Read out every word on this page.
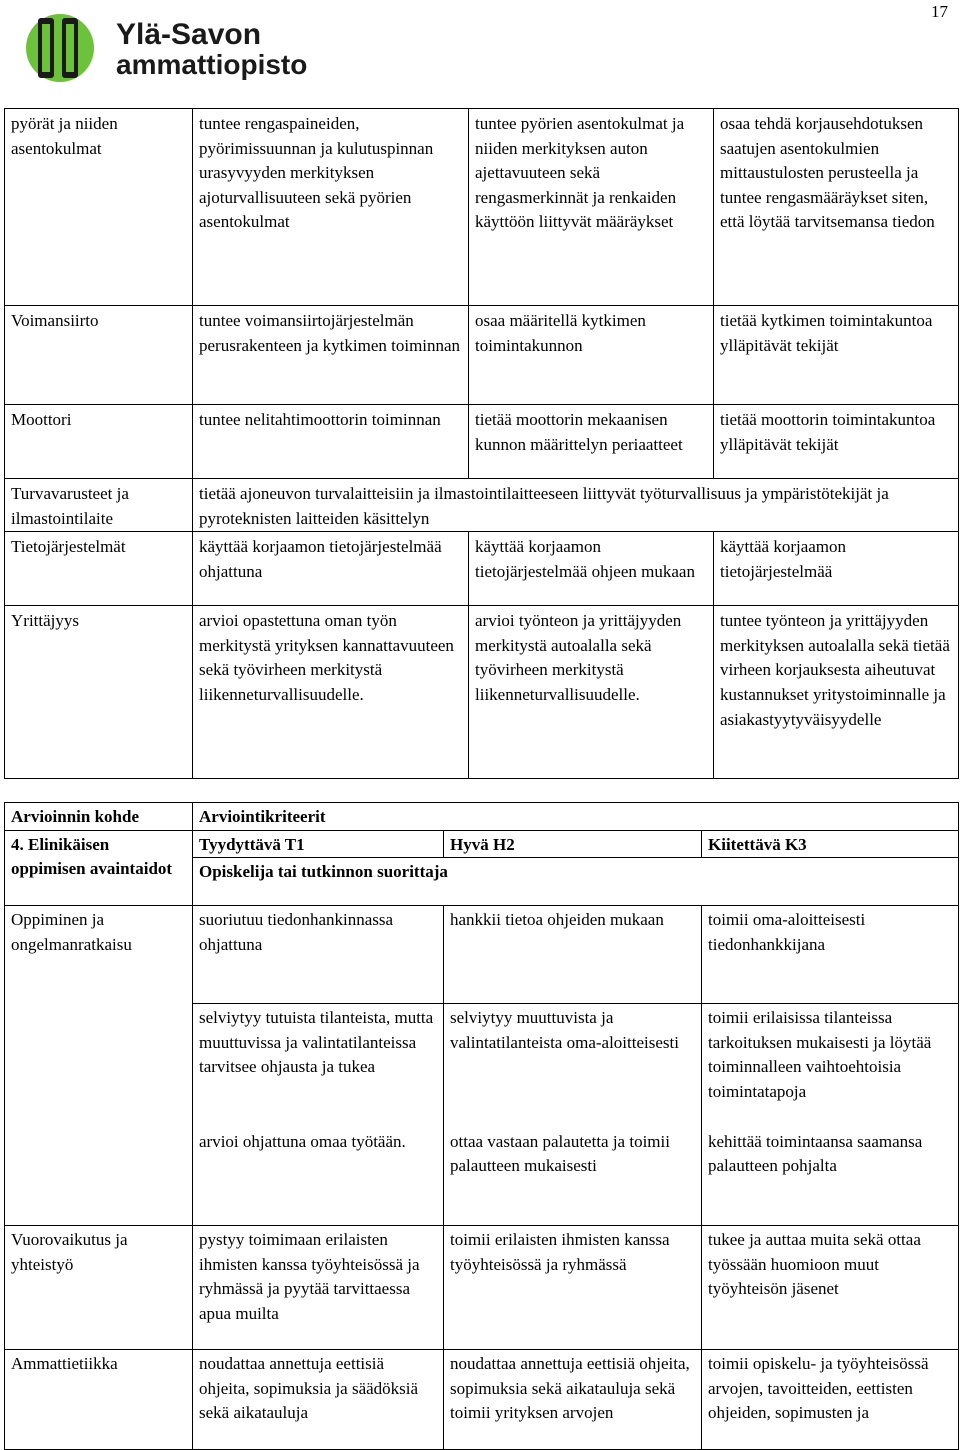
Ylä-Savon
ammattiopisto
17
pyörät ja niiden asentokulmat	tuntee rengaspaineiden, pyörimissuunnan ja kulutuspinnan urasyvyyden merkityksen ajoturvallisuuteen sekä pyörien asentokulmat	tuntee pyörien asentokulmat ja niiden merkityksen auton ajettavuuteen sekä rengasmerkinnät ja renkaiden käyttöön liittyvät määräykset	osaa tehdä korjausehdotuksen saatujen asentokulmien mittaustulosten perusteella ja tuntee rengasmääräykset siten, että löytää tarvitsemansa tiedon
Voimansiirto	tuntee voimansiirtojärjestelmän perusrakenteen ja kytkimen toiminnan	osaa määritellä kytkimen toimintakunnon	tietää kytkimen toimintakuntoa ylläpitävät tekijät
Moottori	tuntee nelitahtimoottorin toiminnan	tietää moottorin mekaanisen kunnon määrittelyn periaatteet	tietää moottorin toimintakuntoa ylläpitävät tekijät
Turvavarusteet ja ilmastointilaite	tietää ajoneuvon turvalaitteisiin ja ilmastointilaitteeseen liittyvät työturvallisuus ja ympäristötekijät ja pyroteknisten laitteiden käsittelyn		
Tietojärjestelmät	käyttää korjaamon tietojärjestelmää ohjattuna	käyttää korjaamon tietojärjestelmää ohjeen mukaan	käyttää korjaamon tietojärjestelmää
Yrittäjyys	arvioi opastettuna oman työn merkitystä yrityksen kannattavuuteen sekä työvirheen merkitystä liikenneturvallisuudelle.	arvioi työnteon ja yrittäjyyden merkitystä autoalalla sekä työvirheen merkitystä liikenneturvallisuudelle.	tuntee työnteon ja yrittäjyyden merkityksen autoalalla sekä tietää virheen korjauksesta aiheutuvat kustannukset yritystoiminnalle ja asiakastyytyväisyydelle
Arvioinnin kohde	Arviointikriteerit		
4. Elinikäisen oppimisen avaintaidot	Tyydyttävä T1	Hyvä H2	Kiitettävä K3
	Opiskelija tai tutkinnon suorittaja		
Oppiminen ja ongelmanratkaisu	suoriutuu tiedonhankinnassa ohjattuna	hankkii tietoa ohjeiden mukaan	toimii oma-aloitteisesti tiedonhankkijana
	selviytyy tutuista tilanteista, mutta muuttuvissa ja valintatilanteissa tarvitsee ohjausta ja tukea	selviytyy muuttuvista ja valintatilanteista oma-aloitteisesti	toimii erilaisissa tilanteissa tarkoituksen mukaisesti ja löytää toiminnalleen vaihtoehtoisia toimintatapoja
	arvioi ohjattuna omaa työtään.	ottaa vastaan palautetta ja toimii palautteen mukaisesti	kehittää toimintaansa saamansa palautteen pohjalta
Vuorovaikutus ja yhteistyö	pystyy toimimaan erilaisten ihmisten kanssa työyhteisössä ja ryhmässä ja pyytää tarvittaessa apua muilta	toimii erilaisten ihmisten kanssa työyhteisössä ja ryhmässä	tukee ja auttaa muita sekä ottaa työssään huomioon muut työyhteisön jäsenet
Ammattietiikka	noudattaa annettuja eettisiä ohjeita, sopimuksia ja säädöksiä sekä aikatauluja	noudattaa annettuja eettisiä ohjeita, sopimuksia sekä aikatauluja sekä toimii yrityksen arvojen	toimii opiskelu- ja työyhteisössä arvojen, tavoitteiden, eettisten ohjeiden, sopimusten ja
